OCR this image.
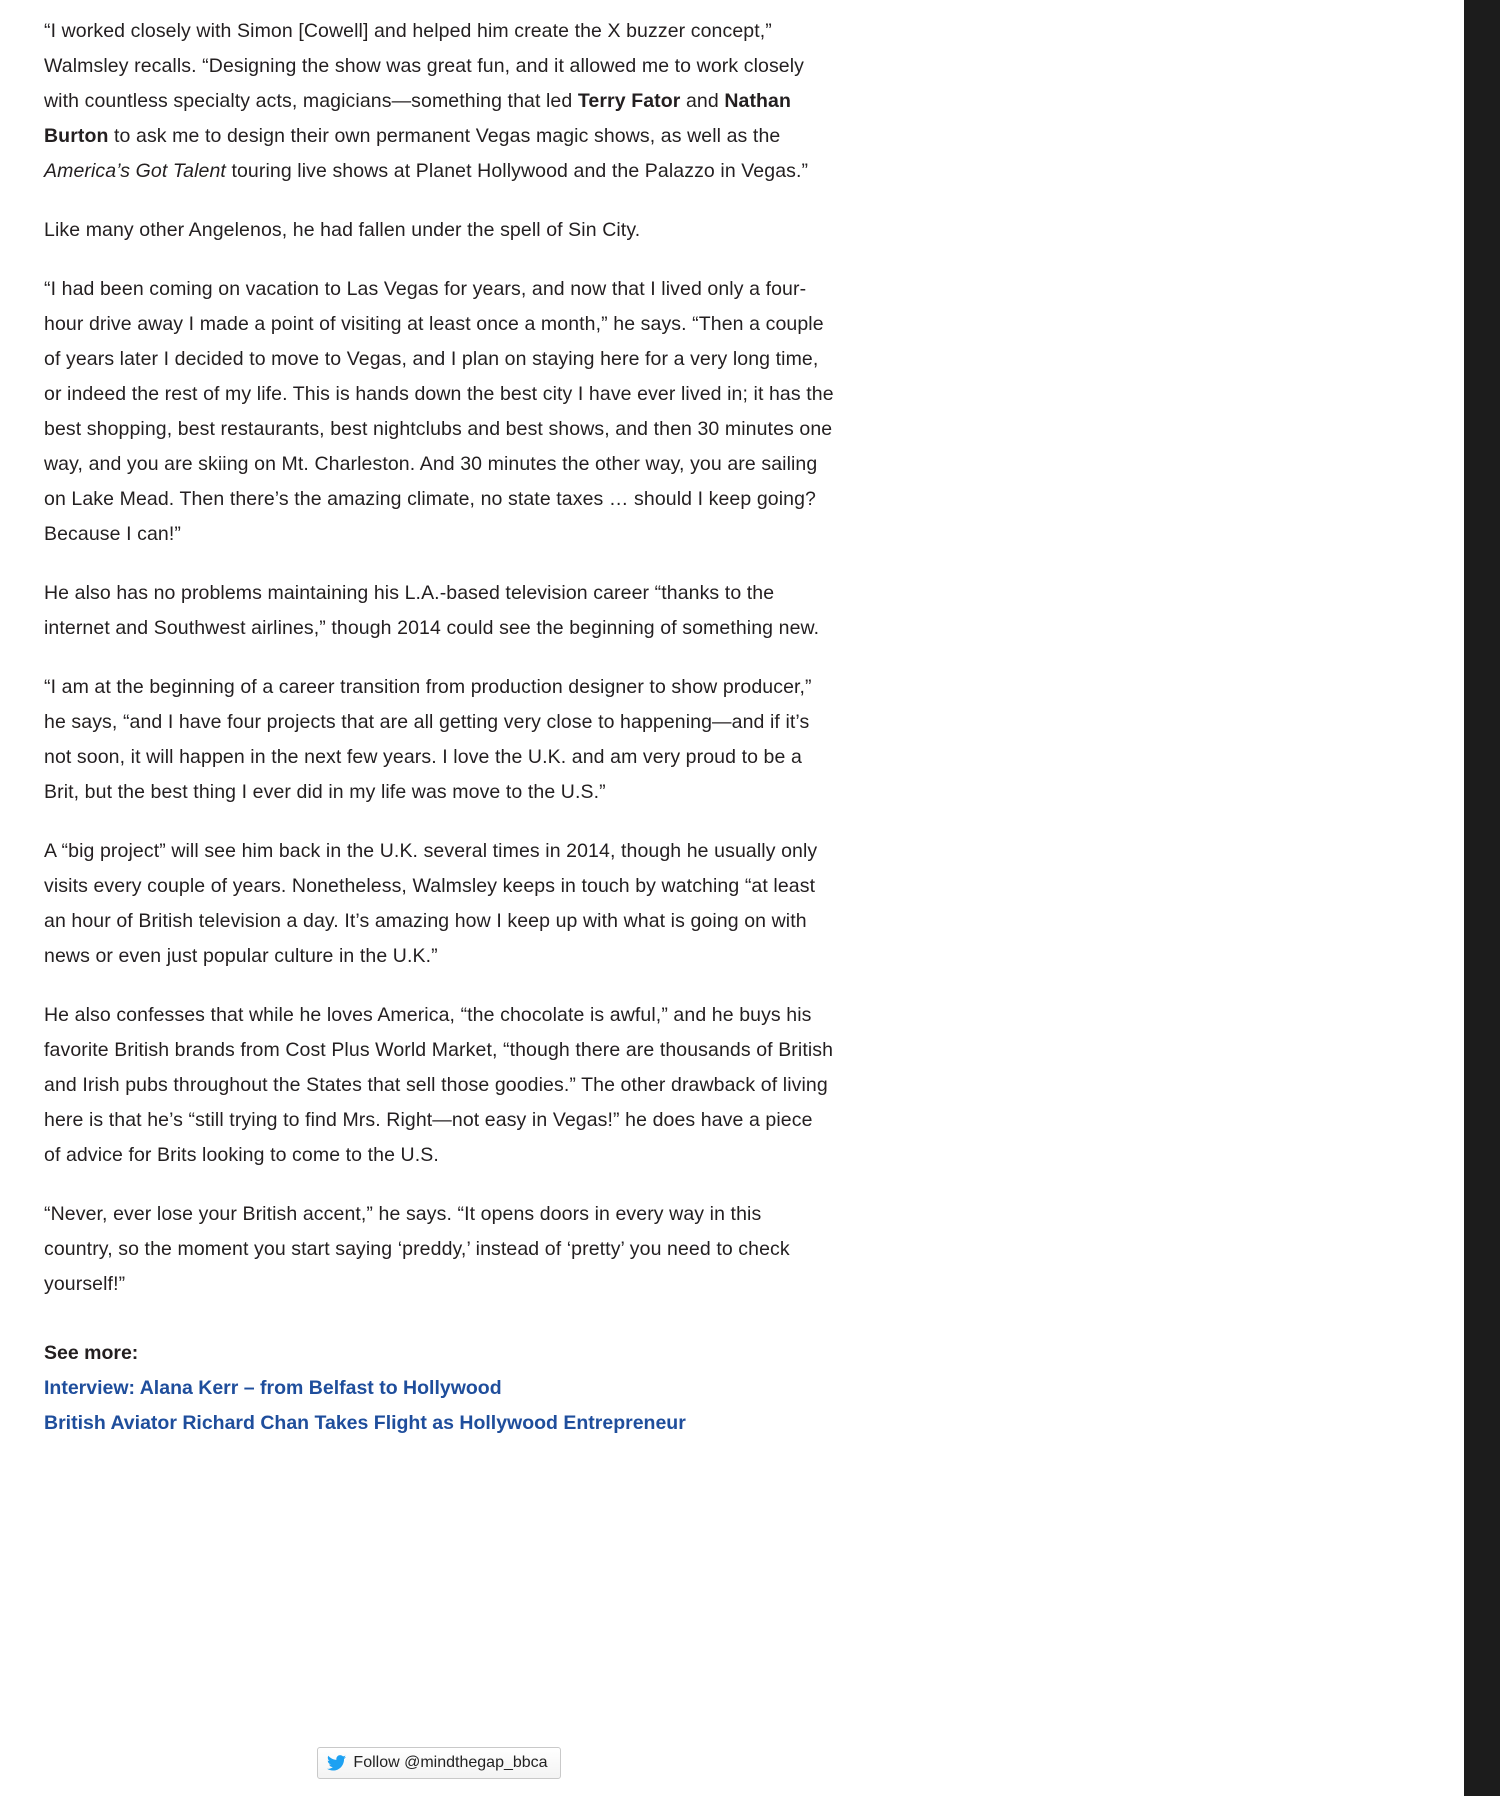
“I worked closely with Simon [Cowell] and helped him create the X buzzer concept,” Walmsley recalls. “Designing the show was great fun, and it allowed me to work closely with countless specialty acts, magicians—something that led Terry Fator and Nathan Burton to ask me to design their own permanent Vegas magic shows, as well as the America’s Got Talent touring live shows at Planet Hollywood and the Palazzo in Vegas.”

Like many other Angelenos, he had fallen under the spell of Sin City.

“I had been coming on vacation to Las Vegas for years, and now that I lived only a four-hour drive away I made a point of visiting at least once a month,” he says. “Then a couple of years later I decided to move to Vegas, and I plan on staying here for a very long time, or indeed the rest of my life. This is hands down the best city I have ever lived in; it has the best shopping, best restaurants, best nightclubs and best shows, and then 30 minutes one way, and you are skiing on Mt. Charleston. And 30 minutes the other way, you are sailing on Lake Mead. Then there’s the amazing climate, no state taxes … should I keep going? Because I can!”

He also has no problems maintaining his L.A.-based television career “thanks to the internet and Southwest airlines,” though 2014 could see the beginning of something new.

“I am at the beginning of a career transition from production designer to show producer,” he says, “and I have four projects that are all getting very close to happening—and if it’s not soon, it will happen in the next few years. I love the U.K. and am very proud to be a Brit, but the best thing I ever did in my life was move to the U.S.”

A “big project” will see him back in the U.K. several times in 2014, though he usually only visits every couple of years. Nonetheless, Walmsley keeps in touch by watching “at least an hour of British television a day. It’s amazing how I keep up with what is going on with news or even just popular culture in the U.K.”

He also confesses that while he loves America, “the chocolate is awful,” and he buys his favorite British brands from Cost Plus World Market, “though there are thousands of British and Irish pubs throughout the States that sell those goodies.” The other drawback of living here is that he’s “still trying to find Mrs. Right—not easy in Vegas!” he does have a piece of advice for Brits looking to come to the U.S.

“Never, ever lose your British accent,” he says. “It opens doors in every way in this country, so the moment you start saying ‘preddy,’ instead of ‘pretty’ you need to check yourself!”

See more:
Interview: Alana Kerr – from Belfast to Hollywood
British Aviator Richard Chan Takes Flight as Hollywood Entrepreneur
Follow @mindthegap_bbca
